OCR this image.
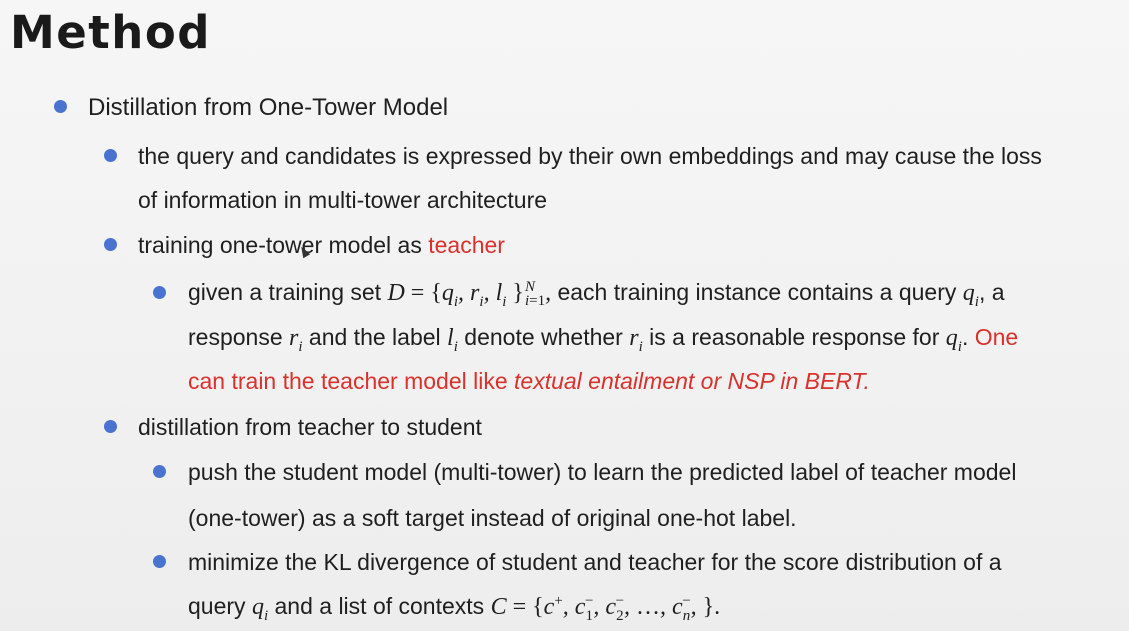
Method
Distillation from One-Tower Model
the query and candidates is expressed by their own embeddings and may cause the loss
of information in multi-tower architecture
training one-tower model as teacher
given a training set $D = \{q_i$, $r_i$, $l_i$ } N
i=1 , each training instance contains a query $q_i$, a
response $r_i$ and the label $l_i$ denote whether $r_i$ is a reasonable response for $q_i$. One
can train the teacher model like textual entailment or NSP in BERT.
distillation from teacher to student
push the student model (multi-tower) to learn the predicted label of teacher model
(one-tower) as a soft target instead of original one-hot label.
minimize the KL divergence of student and teacher for the score distribution of a
query $q_i$ and a list of contexts C = {c+, $c_1^-$, $c_2^-$, …, $c_n^-$, }.
